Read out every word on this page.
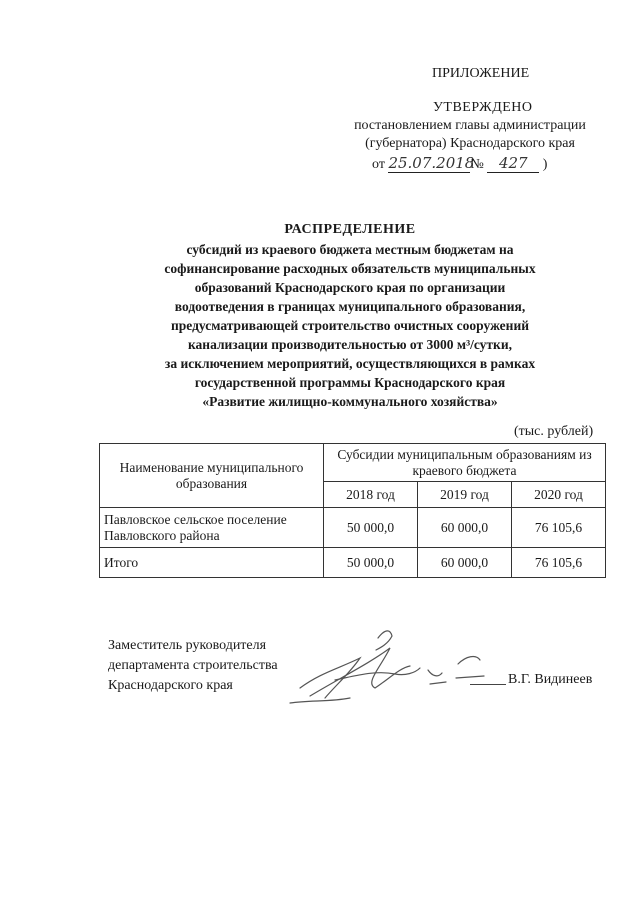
ПРИЛОЖЕНИЕ
УТВЕРЖДЕНО
постановлением главы администрации
(губернатора) Краснодарского края
от 25.07.2018№ 427 )
РАСПРЕДЕЛЕНИЕ
субсидий из краевого бюджета местным бюджетам на
софинансирование расходных обязательств муниципальных
образований Краснодарского края по организации
водоотведения в границах муниципального образования,
предусматривающей строительство очистных сооружений
канализации производительностью от 3000 м³/сутки,
за исключением мероприятий, осуществляющихся в рамках
государственной программы Краснодарского края
«Развитие жилищно-коммунального хозяйства»
(тыс. рублей)
Наименование муниципального образования	Субсидии муниципальным образованиям из краевого бюджета		
	2018 год	2019 год	2020 год
Павловское сельское поселение Павловского района	50 000,0	60 000,0	76 105,6
Итого	50 000,0	60 000,0	76 105,6
Заместитель руководителя
департамента строительства
Краснодарского края	В.Г. Видинеев
